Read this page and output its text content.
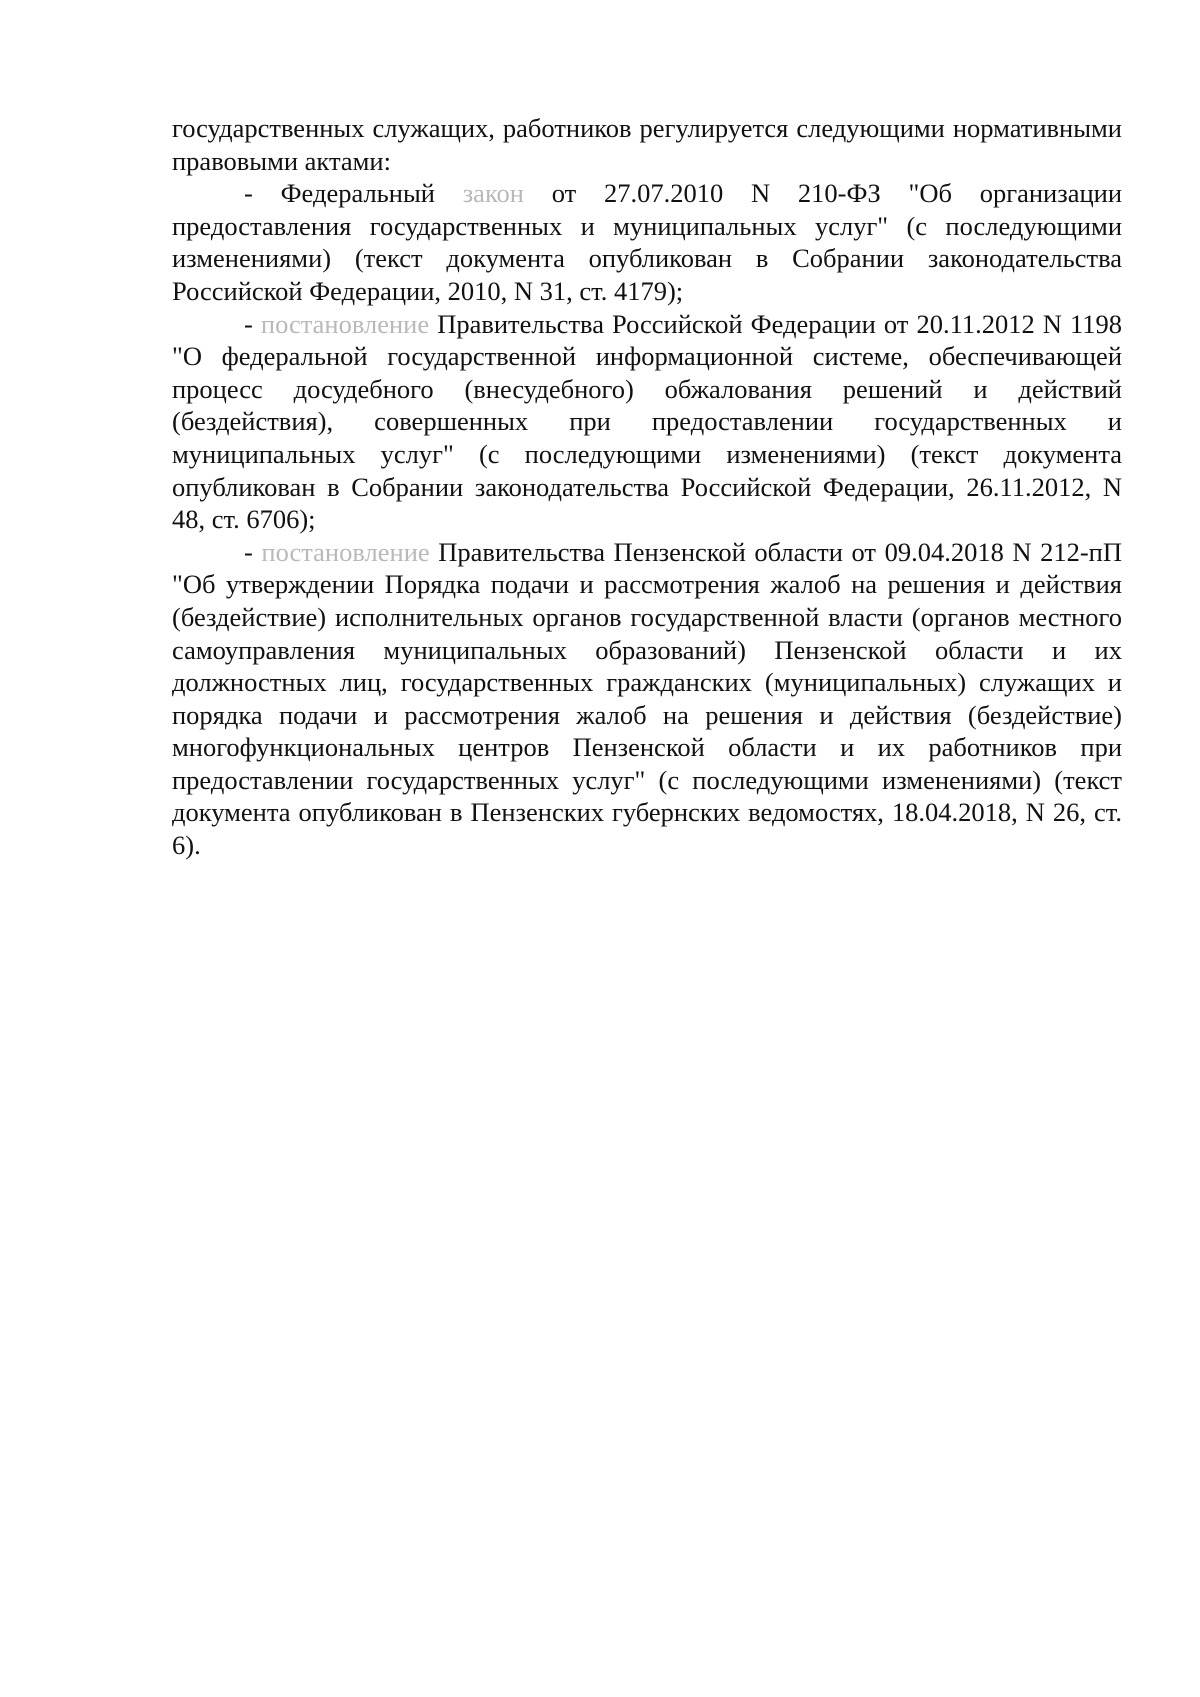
государственных служащих, работников регулируется следующими нормативными правовыми актами:

- Федеральный закон от 27.07.2010 N 210-ФЗ "Об организации предоставления государственных и муниципальных услуг" (с последующими изменениями) (текст документа опубликован в Собрании законодательства Российской Федерации, 2010, N 31, ст. 4179);

- постановление Правительства Российской Федерации от 20.11.2012 N 1198 "О федеральной государственной информационной системе, обеспечивающей процесс досудебного (внесудебного) обжалования решений и действий (бездействия), совершенных при предоставлении государственных и муниципальных услуг" (с последующими изменениями) (текст документа опубликован в Собрании законодательства Российской Федерации, 26.11.2012, N 48, ст. 6706);

- постановление Правительства Пензенской области от 09.04.2018 N 212-пП "Об утверждении Порядка подачи и рассмотрения жалоб на решения и действия (бездействие) исполнительных органов государственной власти (органов местного самоуправления муниципальных образований) Пензенской области и их должностных лиц, государственных гражданских (муниципальных) служащих и порядка подачи и рассмотрения жалоб на решения и действия (бездействие) многофункциональных центров Пензенской области и их работников при предоставлении государственных услуг" (с последующими изменениями) (текст документа опубликован в Пензенских губернских ведомостях, 18.04.2018, N 26, ст. 6).
